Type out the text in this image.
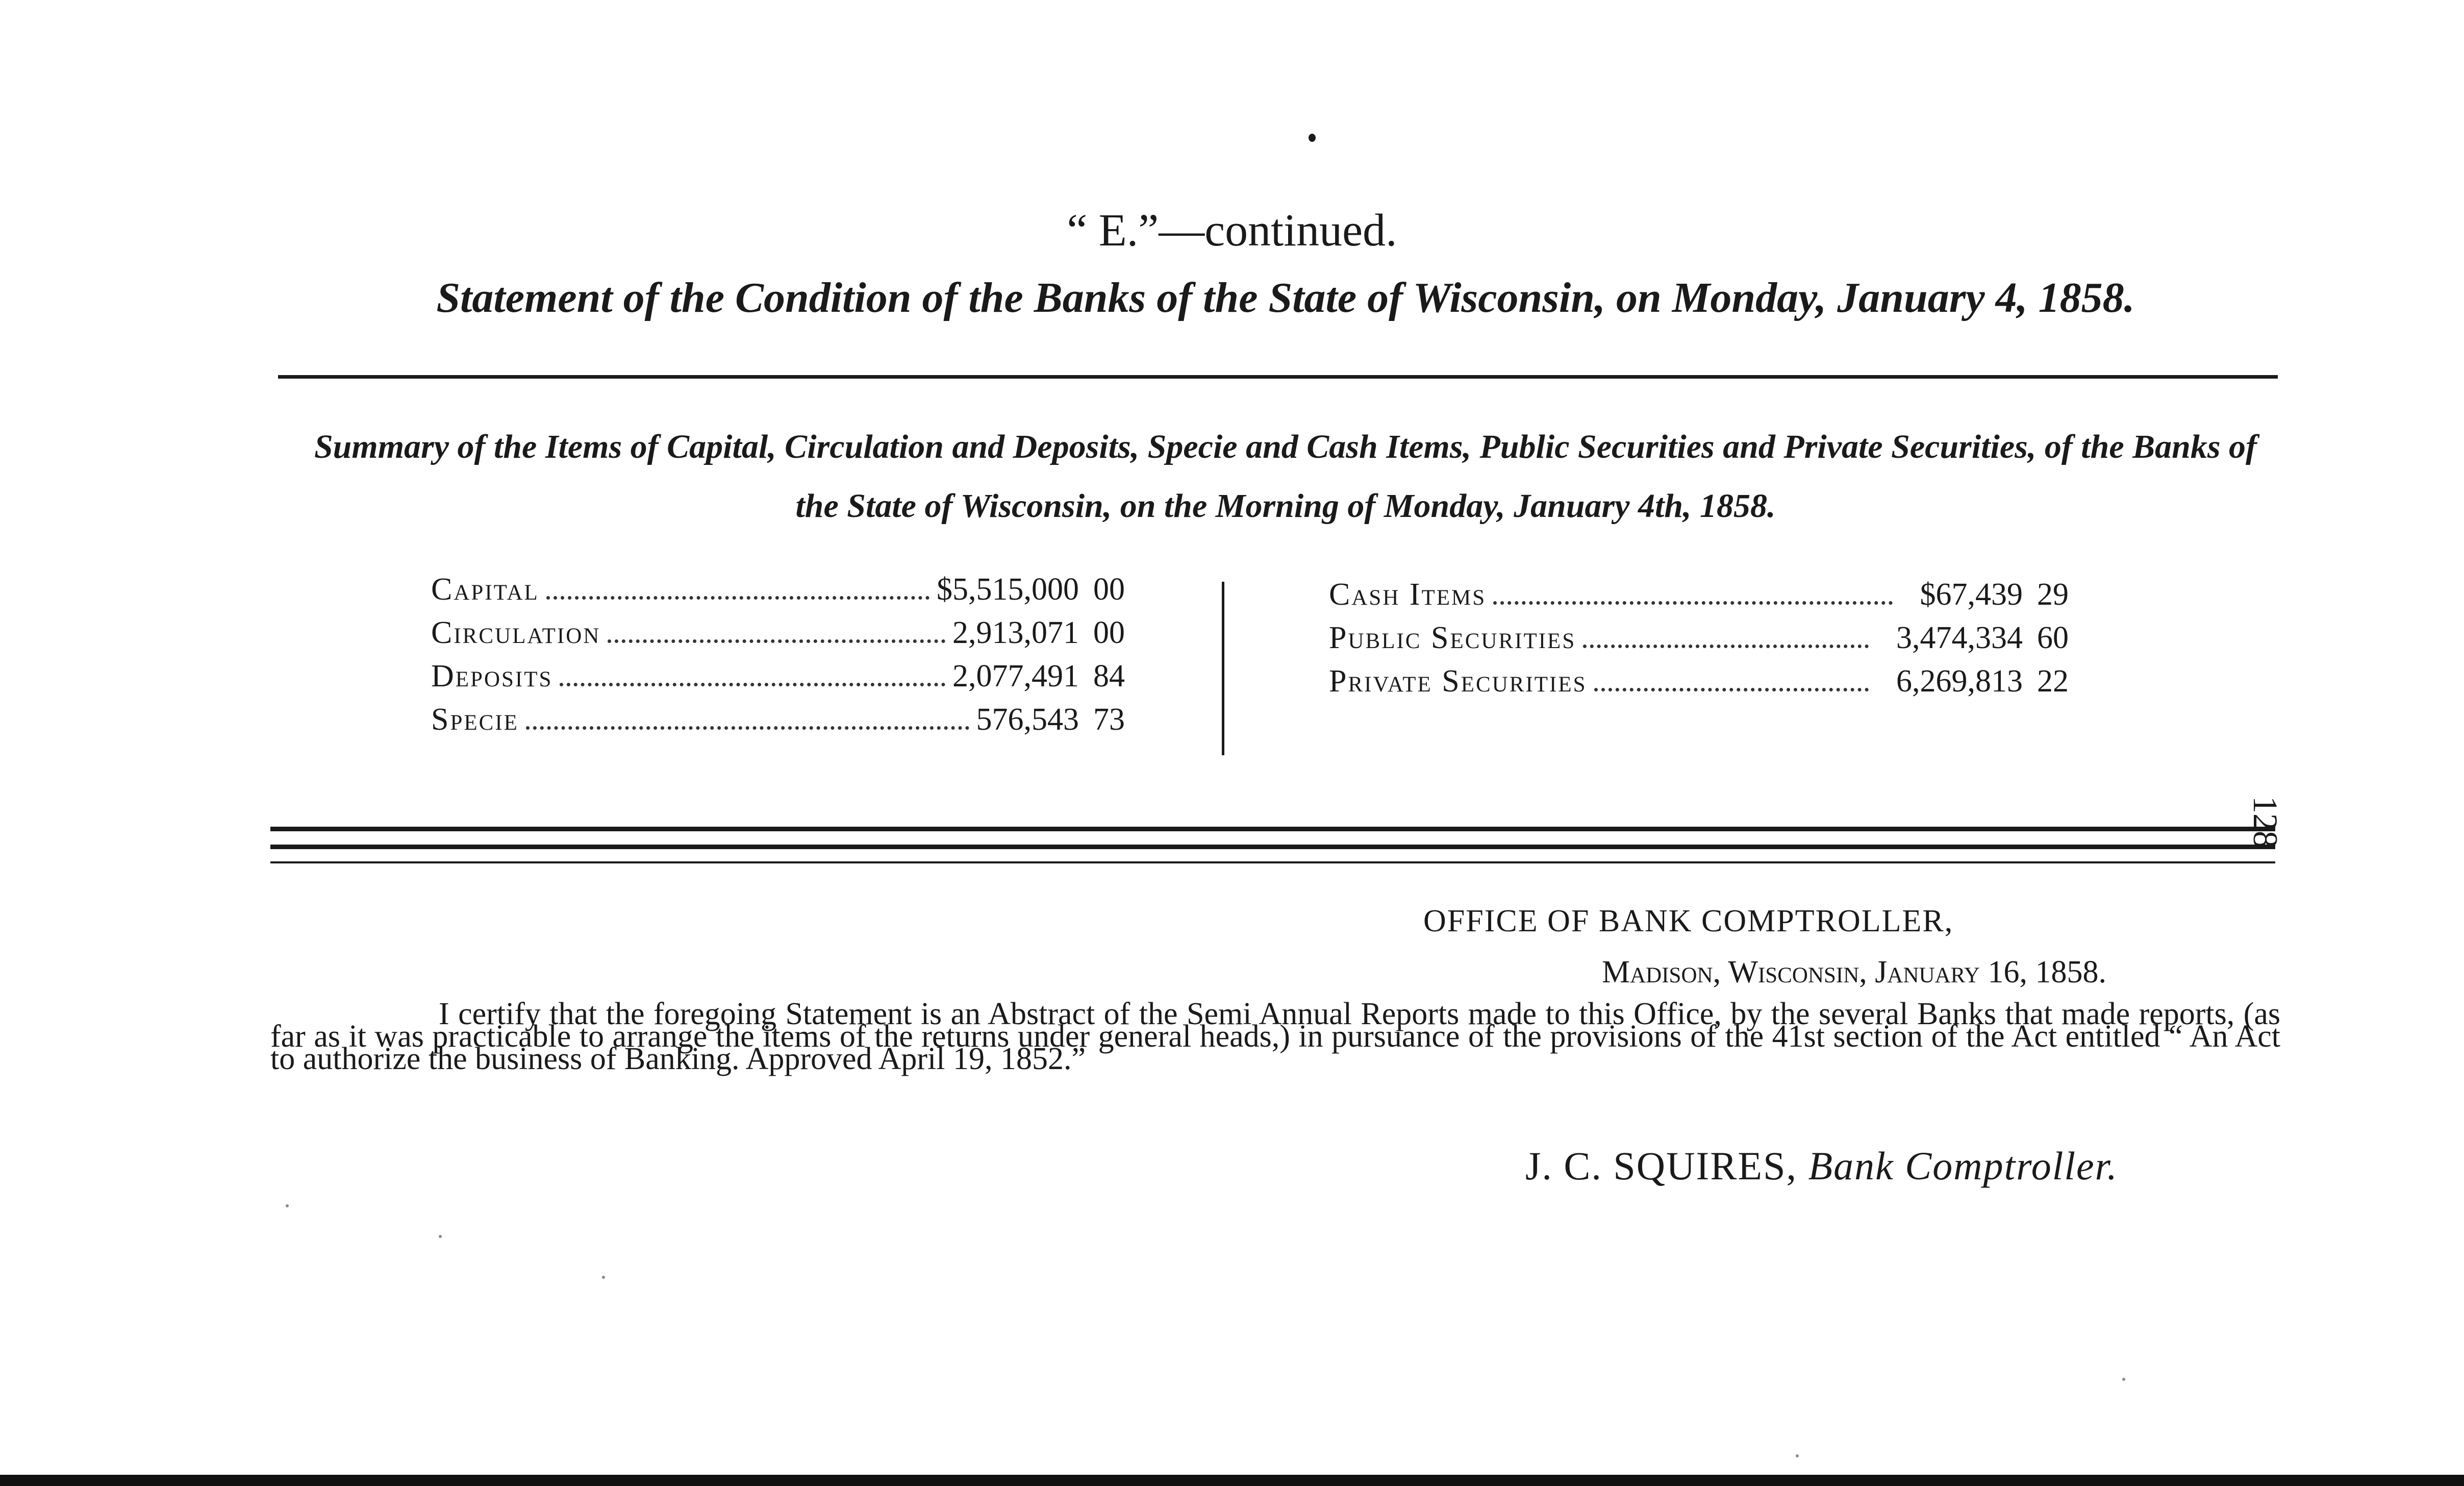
“ E.”—continued.
Statement of the Condition of the Banks of the State of Wisconsin, on Monday, January 4, 1858.
Summary of the Items of Capital, Circulation and Deposits, Specie and Cash Items, Public Securities and Private Securities, of the Banks of the State of Wisconsin, on the Morning of Monday, January 4th, 1858.
Capital	$5,515,000 00
Circulation	2,913,071 00
Deposits	2,077,491 84
Specie	576,543 73
Cash Items	$67,439 29
Public Securities	3,474,334 60
Private Securities	6,269,813 22
128
OFFICE OF BANK COMPTROLLER,
Madison, Wisconsin, January 16, 1858.
I certify that the foregoing Statement is an Abstract of the Semi Annual Reports made to this Office, by the several Banks that made reports, (as far as it was practicable to arrange the items of the returns under general heads,) in pursuance of the provisions of the 41st section of the Act entitled “ An Act to authorize the business of Banking. Approved April 19, 1852.”
J. C. SQUIRES, Bank Comptroller.
